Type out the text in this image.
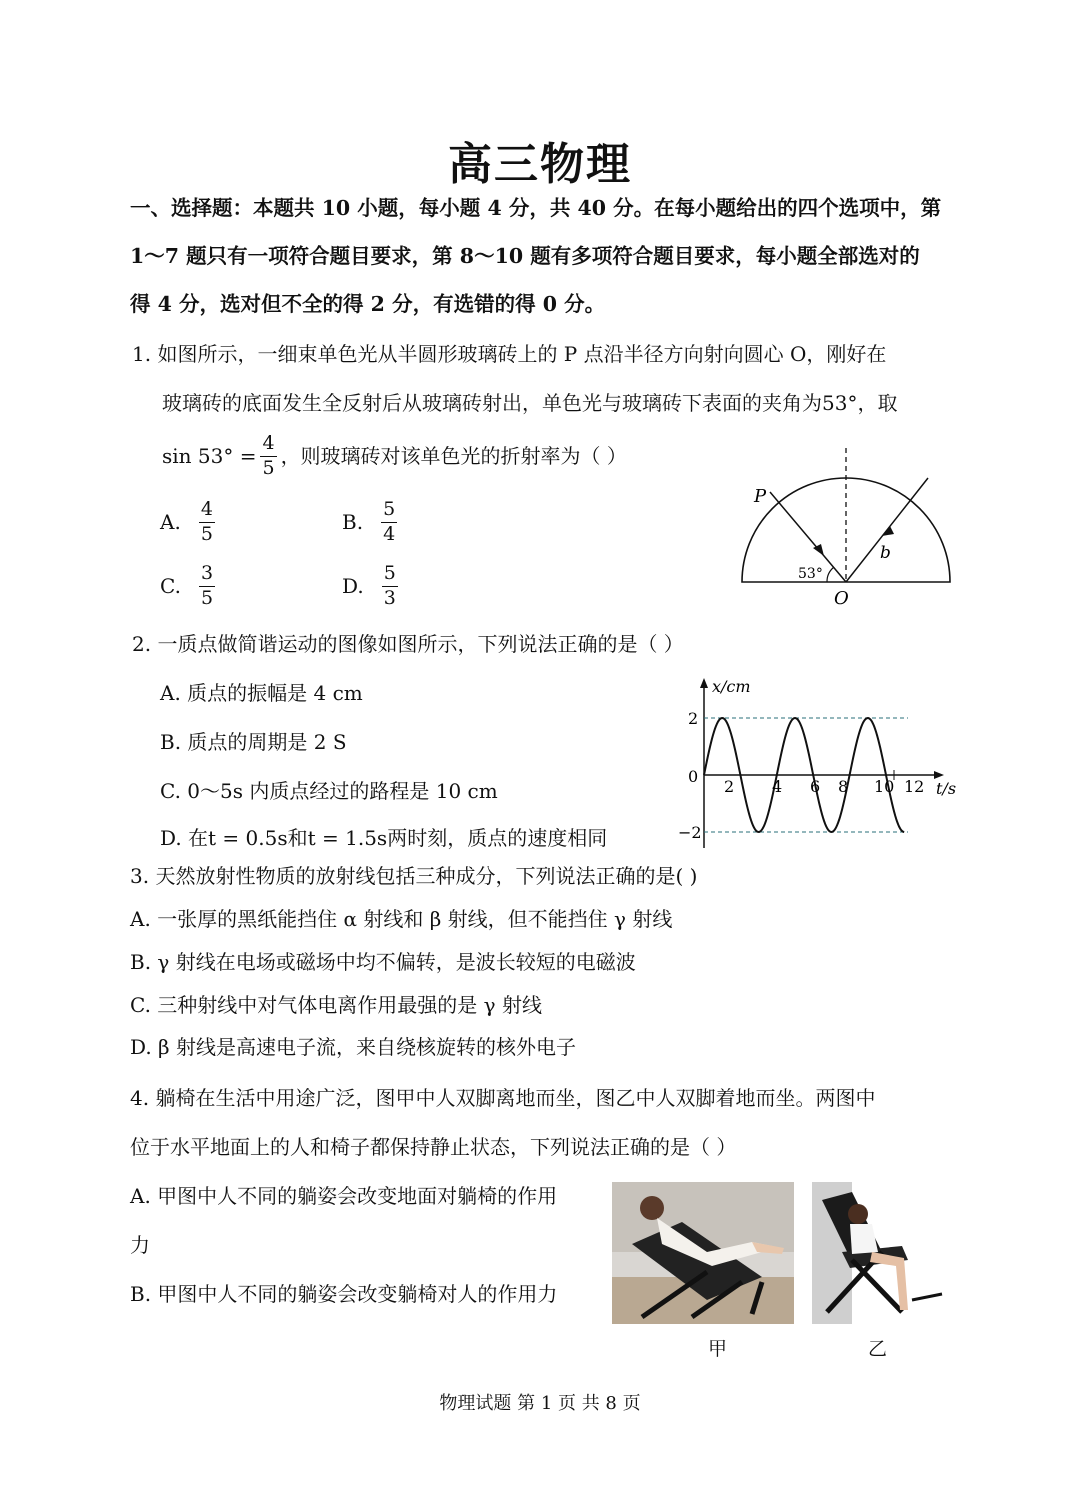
高三物理
一、选择题：本题共 10 小题，每小题 4 分，共 40 分。在每小题给出的四个选项中，第
1～7 题只有一项符合题目要求，第 8～10 题有多项符合题目要求，每小题全部选对的
得 4 分，选对但不全的得 2 分，有选错的得 0 分。
1. 如图所示，一细束单色光从半圆形玻璃砖上的 P 点沿半径方向射向圆心 O，刚好在
玻璃砖的底面发生全反射后从玻璃砖射出，单色光与玻璃砖下表面的夹角为53°，取
$\sin 53^\circ = \frac{4}{5}$ ，则玻璃砖对该单色光的折射率为（ ）
A. $\frac{4}{5}$	B. $\frac{5}{4}$
C. $\frac{3}{5}$	D. $\frac{5}{3}$
P
b
53°
O
2. 一质点做简谐运动的图像如图所示，下列说法正确的是（ ）
A. 质点的振幅是 4 cm
B. 质点的周期是 2 S
C. 0～5s 内质点经过的路程是 10 cm
D. 在t = 0.5s和t = 1.5s两时刻，质点的速度相同
x/cm
t/s
2
0
−2
2 4 6 8 10 12
3. 天然放射性物质的放射线包括三种成分，下列说法正确的是( )
A. 一张厚的黑纸能挡住 α 射线和 β 射线，但不能挡住 γ 射线
B. γ 射线在电场或磁场中均不偏转，是波长较短的电磁波
C. 三种射线中对气体电离作用最强的是 γ 射线
D. β 射线是高速电子流，来自绕核旋转的核外电子
4. 躺椅在生活中用途广泛，图甲中人双脚离地而坐，图乙中人双脚着地而坐。两图中
位于水平地面上的人和椅子都保持静止状态，下列说法正确的是（ ）
A. 甲图中人不同的躺姿会改变地面对躺椅的作用
力
B. 甲图中人不同的躺姿会改变躺椅对人的作用力
甲	乙
物理试题 第 1 页 共 8 页
